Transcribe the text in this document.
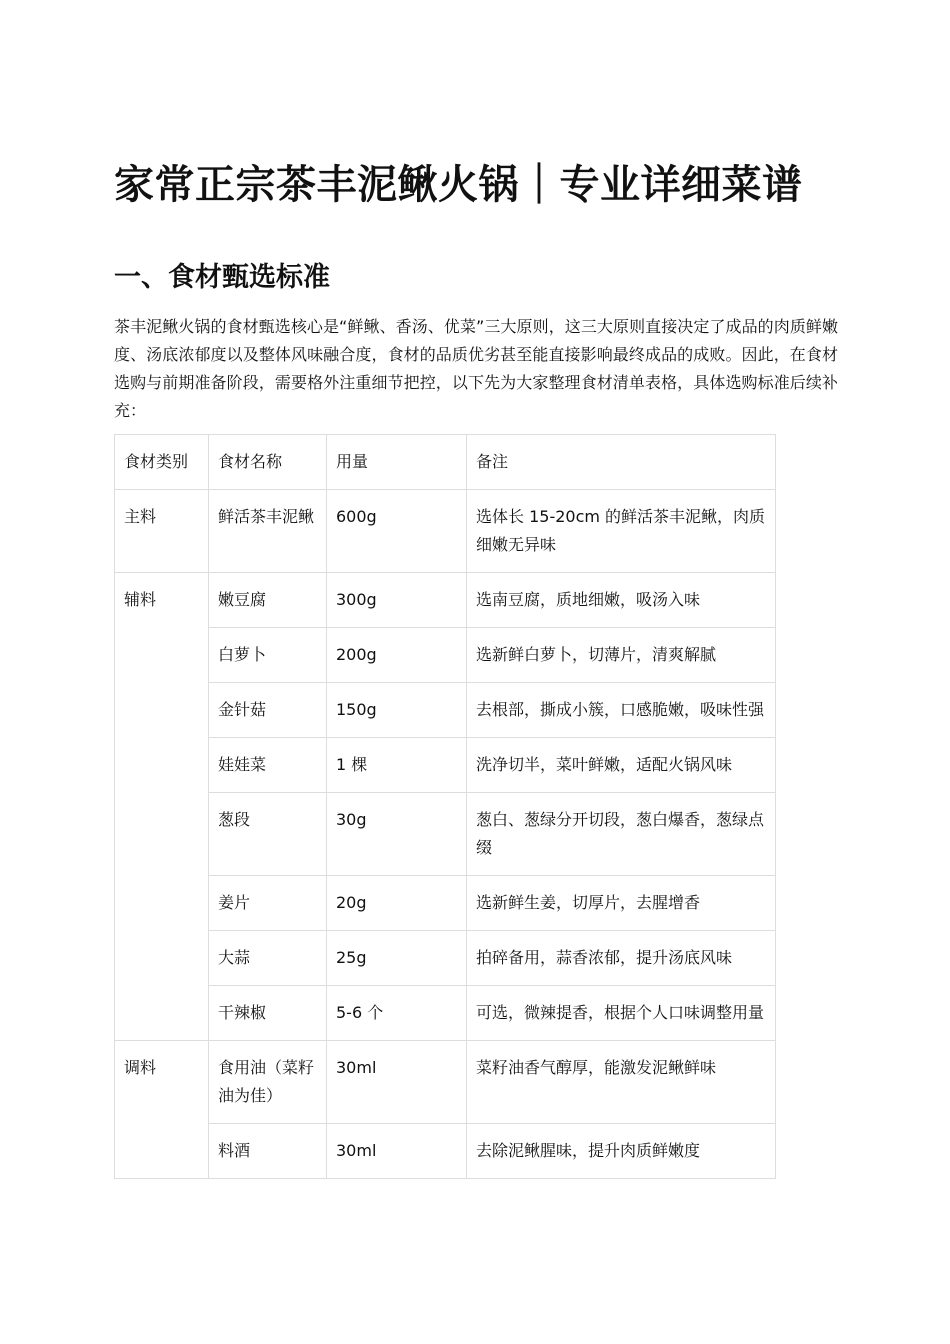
家常正宗茶丰泥鳅火锅｜专业详细菜谱
一、食材甄选标准

茶丰泥鳅火锅的食材甄选核心是“鲜鳅、香汤、优菜”三大原则，这三大原则直接决定了成品的肉质鲜嫩度、汤底浓郁度以及整体风味融合度，食材的品质优劣甚至能直接影响最终成品的成败。因此，在食材选购与前期准备阶段，需要格外注重细节把控，以下先为大家整理食材清单表格，具体选购标准后续补充：

食材类别	食材名称	用量	备注
主料	鲜活茶丰泥鳅	600g	选体长 15-20cm 的鲜活茶丰泥鳅，肉质细嫩无异味
辅料	嫩豆腐	300g	选南豆腐，质地细嫩，吸汤入味
	白萝卜	200g	选新鲜白萝卜，切薄片，清爽解腻
	金针菇	150g	去根部，撕成小簇，口感脆嫩，吸味性强
	娃娃菜	1 棵	洗净切半，菜叶鲜嫩，适配火锅风味
	葱段	30g	葱白、葱绿分开切段，葱白爆香，葱绿点缀
	姜片	20g	选新鲜生姜，切厚片，去腥增香
	大蒜	25g	拍碎备用，蒜香浓郁，提升汤底风味
	干辣椒	5-6 个	可选，微辣提香，根据个人口味调整用量
调料	食用油（菜籽油为佳）	30ml	菜籽油香气醇厚，能激发泥鳅鲜味
	料酒	30ml	去除泥鳅腥味，提升肉质鲜嫩度
